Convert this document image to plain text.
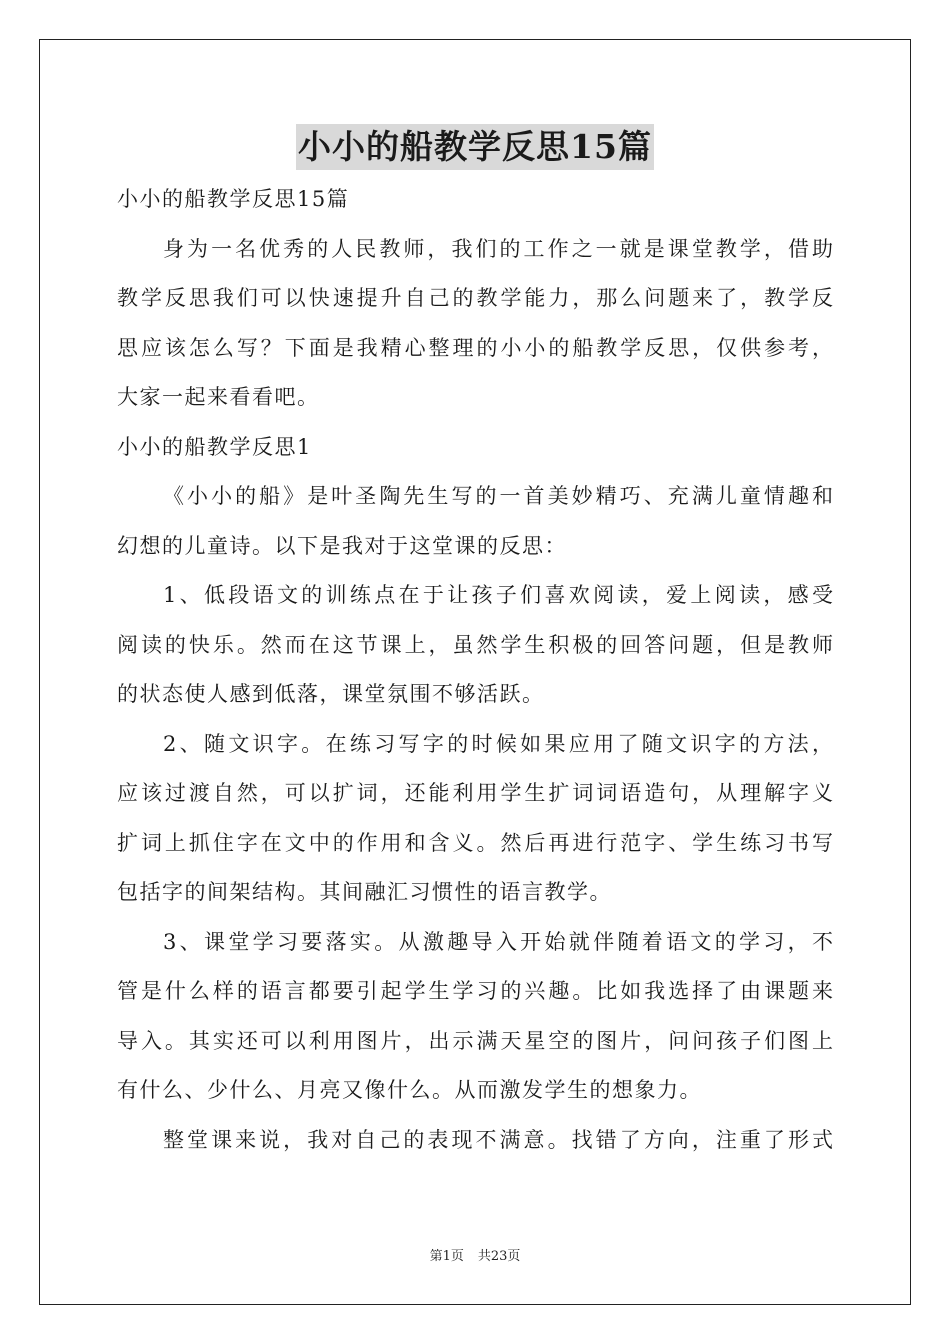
小小的船教学反思15篇
小小的船教学反思15篇
身为一名优秀的人民教师，我们的工作之一就是课堂教学，借助
教学反思我们可以快速提升自己的教学能力，那么问题来了，教学反
思应该怎么写？下面是我精心整理的小小的船教学反思，仅供参考，
大家一起来看看吧。
小小的船教学反思1
《小小的船》是叶圣陶先生写的一首美妙精巧、充满儿童情趣和
幻想的儿童诗。以下是我对于这堂课的反思：
1、低段语文的训练点在于让孩子们喜欢阅读，爱上阅读，感受
阅读的快乐。然而在这节课上，虽然学生积极的回答问题，但是教师
的状态使人感到低落，课堂氛围不够活跃。
2、随文识字。在练习写字的时候如果应用了随文识字的方法，
应该过渡自然，可以扩词，还能利用学生扩词词语造句，从理解字义
扩词上抓住字在文中的作用和含义。然后再进行范字、学生练习书写
包括字的间架结构。其间融汇习惯性的语言教学。
3、课堂学习要落实。从激趣导入开始就伴随着语文的学习，不
管是什么样的语言都要引起学生学习的兴趣。比如我选择了由课题来
导入。其实还可以利用图片，出示满天星空的图片，问问孩子们图上
有什么、少什么、月亮又像什么。从而激发学生的想象力。
整堂课来说，我对自己的表现不满意。找错了方向，注重了形式
第1页 共23页
